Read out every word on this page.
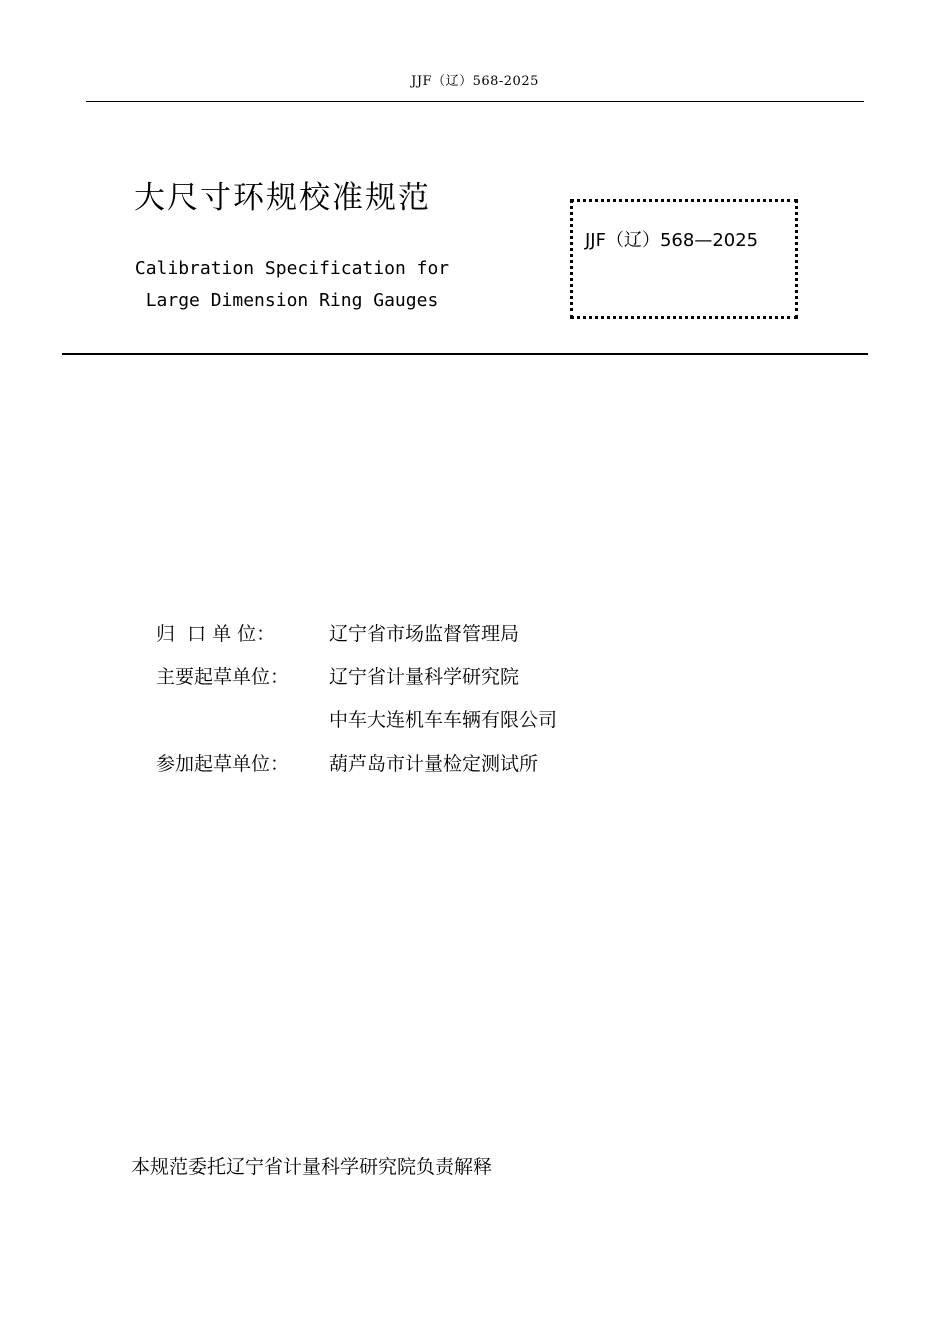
JJF（辽）568-2025
大尺寸环规校准规范
Calibration Specification for
Large Dimension Ring Gauges
JJF（辽）568—2025
归  口 单 位：	辽宁省市场监督管理局
主要起草单位： 辽宁省计量科学研究院
中车大连机车车辆有限公司
参加起草单位： 葫芦岛市计量检定测试所
本规范委托辽宁省计量科学研究院负责解释
